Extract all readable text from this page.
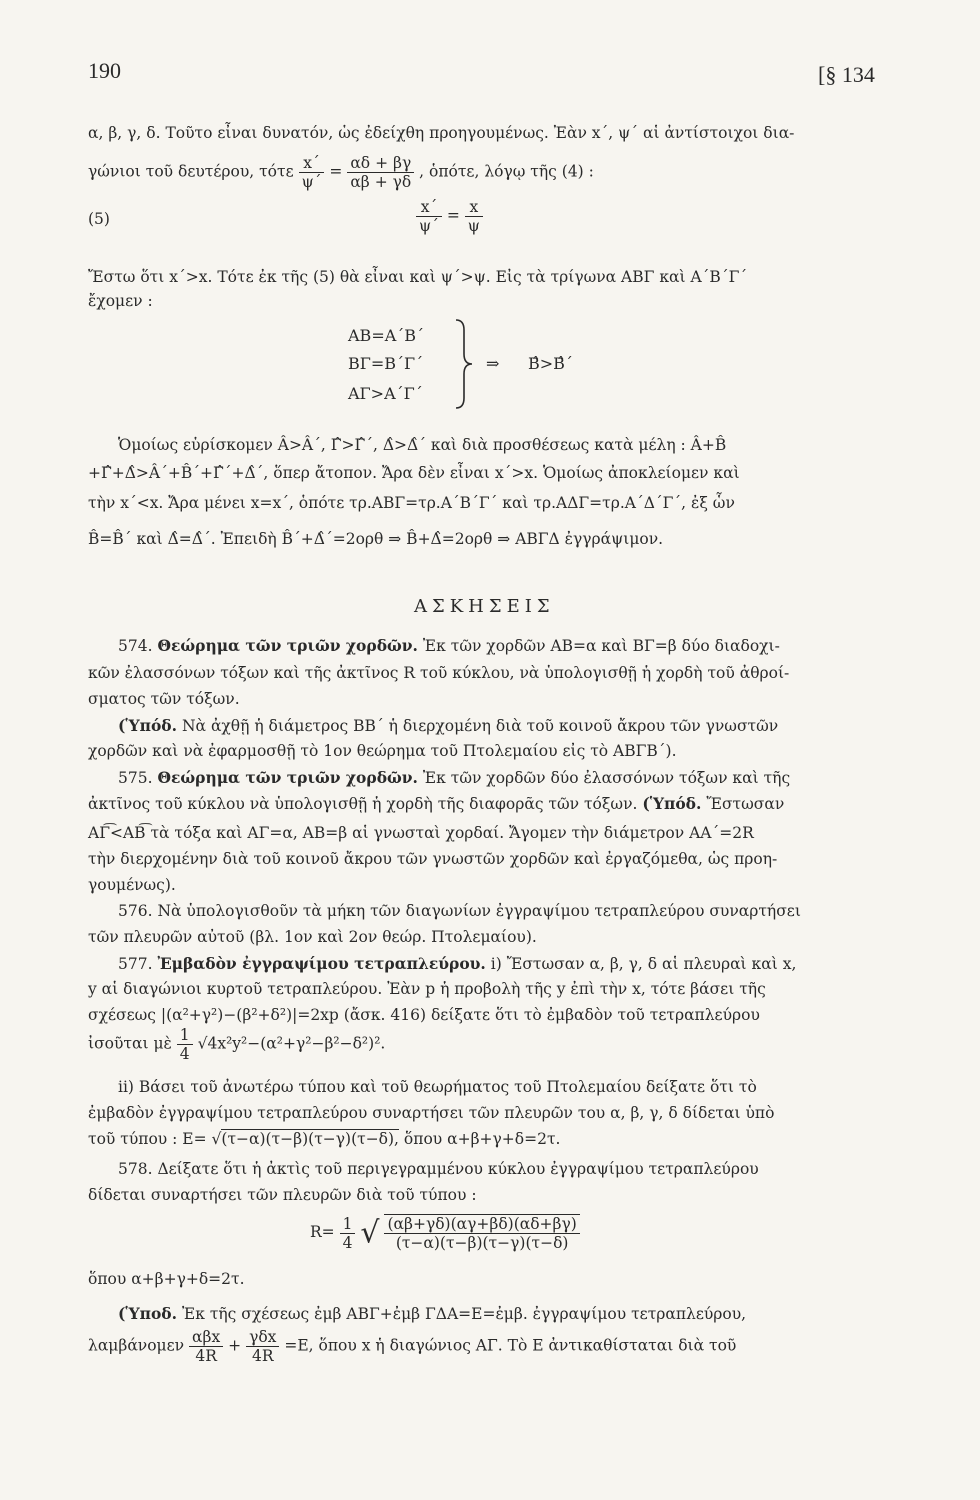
190	[§ 134
α, β, γ, δ. Τοῦτο εἶναι δυνατόν, ὡς ἐδείχθη προηγουμένως. Ἐὰν x΄, ψ΄ αἱ ἀντίστοιχοι δια-
γώνιοι τοῦ δευτέρου, τότε $\frac{x΄}{\psi΄} = \frac{\alpha\delta + \beta\gamma}{\alpha\beta + \gamma\delta}$ , ὁπότε, λόγῳ τῆς (4) :
(5)	$\frac{x΄}{\psi΄} = \frac{x}{\psi}$
Ἔστω ὅτι x΄>x. Τότε ἐκ τῆς (5) θὰ εἶναι καὶ ψ΄>ψ. Εἰς τὰ τρίγωνα ΑΒΓ καὶ Α΄Β΄Γ΄
ἔχομεν :
ΑΒ=Α΄Β΄
ΒΓ=Β΄Γ΄
ΑΓ>Α΄Γ΄
⇒ Β̂>Β̂΄
Ὁμοίως εὑρίσκομεν Â>Â΄, Γ̂>Γ̂΄, Δ̂>Δ̂΄ καὶ διὰ προσθέσεως κατὰ μέλη : Â+B̂
+Γ̂+Δ̂>Â΄+B̂΄+Γ̂΄+Δ̂΄, ὅπερ ἄτοπον. Ἄρα δὲν εἶναι x΄>x. Ὁμοίως ἀποκλείομεν καὶ
τὴν x΄<x. Ἄρα μένει x=x΄, ὁπότε τρ.ΑΒΓ=τρ.Α΄Β΄Γ΄ καὶ τρ.ΑΔΓ=τρ.Α΄Δ΄Γ΄, ἐξ ὧν
B̂=B̂΄ καὶ Δ̂=Δ̂΄. Ἐπειδὴ B̂΄+Δ̂΄=2ορθ ⇒ B̂+Δ̂=2ορθ ⇒ ΑΒΓΔ ἐγγράψιμον.
ΑΣΚΗΣΕΙΣ
574. Θεώρημα τῶν τριῶν χορδῶν. Ἐκ τῶν χορδῶν ΑΒ=α καὶ ΒΓ=β δύο διαδοχι-
κῶν ἐλασσόνων τόξων καὶ τῆς ἀκτῖνος R τοῦ κύκλου, νὰ ὑπολογισθῇ ἡ χορδὴ τοῦ ἀθροί-
σματος τῶν τόξων.
(Ὑπόδ. Νὰ ἀχθῇ ἡ διάμετρος ΒΒ΄ ἡ διερχομένη διὰ τοῦ κοινοῦ ἄκρου τῶν γνωστῶν
χορδῶν καὶ νὰ ἐφαρμοσθῇ τὸ 1ον θεώρημα τοῦ Πτολεμαίου εἰς τὸ ΑΒΓΒ΄).
575. Θεώρημα τῶν τριῶν χορδῶν. Ἐκ τῶν χορδῶν δύο ἐλασσόνων τόξων καὶ τῆς
ἀκτῖνος τοῦ κύκλου νὰ ὑπολογισθῇ ἡ χορδὴ τῆς διαφορᾶς τῶν τόξων. (Ὑπόδ. Ἔστωσαν
ΑΓ͡<ΑΒ͡ τὰ τόξα καὶ ΑΓ=α, ΑΒ=β αἱ γνωσταὶ χορδαί. Ἄγομεν τὴν διάμετρον ΑΑ΄=2R
τὴν διερχομένην διὰ τοῦ κοινοῦ ἄκρου τῶν γνωστῶν χορδῶν καὶ ἐργαζόμεθα, ὡς προη-
γουμένως).
576. Νὰ ὑπολογισθοῦν τὰ μήκη τῶν διαγωνίων ἐγγραψίμου τετραπλεύρου συναρτήσει
τῶν πλευρῶν αὐτοῦ (βλ. 1ον καὶ 2ον θεώρ. Πτολεμαίου).
577. Ἐμβαδὸν ἐγγραψίμου τετραπλεύρου. i) Ἔστωσαν α, β, γ, δ αἱ πλευραὶ καὶ x,
y αἱ διαγώνιοι κυρτοῦ τετραπλεύρου. Ἐὰν p ἡ προβολὴ τῆς y ἐπὶ τὴν x, τότε βάσει τῆς
σχέσεως |(α²+γ²)−(β²+δ²)|=2xp (ἄσκ. 416) δείξατε ὅτι τὸ ἐμβαδὸν τοῦ τετραπλεύρου
ἰσοῦται μὲ $\frac{1}{4} √4x^2y^2-(\alpha^2+\gamma^2-\beta^2-\delta^2)^2$.
ii) Βάσει τοῦ ἀνωτέρω τύπου καὶ τοῦ θεωρήματος τοῦ Πτολεμαίου δείξατε ὅτι τὸ
ἐμβαδὸν ἐγγραψίμου τετραπλεύρου συναρτήσει τῶν πλευρῶν του α, β, γ, δ δίδεται ὑπὸ
τοῦ τύπου : E= √(τ−α)(τ−β)(τ−γ)(τ−δ), ὅπου α+β+γ+δ=2τ.
578. Δείξατε ὅτι ἡ ἀκτὶς τοῦ περιγεγραμμένου κύκλου ἐγγραψίμου τετραπλεύρου
δίδεται συναρτήσει τῶν πλευρῶν διὰ τοῦ τύπου :
$R= \frac{1}{4}$ √ $\frac{(\alpha\beta+\gamma\delta)(\alpha\gamma+\beta\delta)(\alpha\delta+\beta\gamma)}{(\tau-\alpha)(\tau-\beta)(\tau-\gamma)(\tau-\delta)}$
ὅπου α+β+γ+δ=2τ.
(Ὑποδ. Ἐκ τῆς σχέσεως ἐμβ ΑΒΓ+ἐμβ ΓΔΑ=Ε=ἐμβ. ἐγγραψίμου τετραπλεύρου,
λαμβάνομεν $\frac{\text{αβx}}{4R} + \frac{\text{γδx}}{4R} =E$, ὅπου x ἡ διαγώνιος ΑΓ. Τὸ Ε ἀντικαθίσταται διὰ τοῦ
